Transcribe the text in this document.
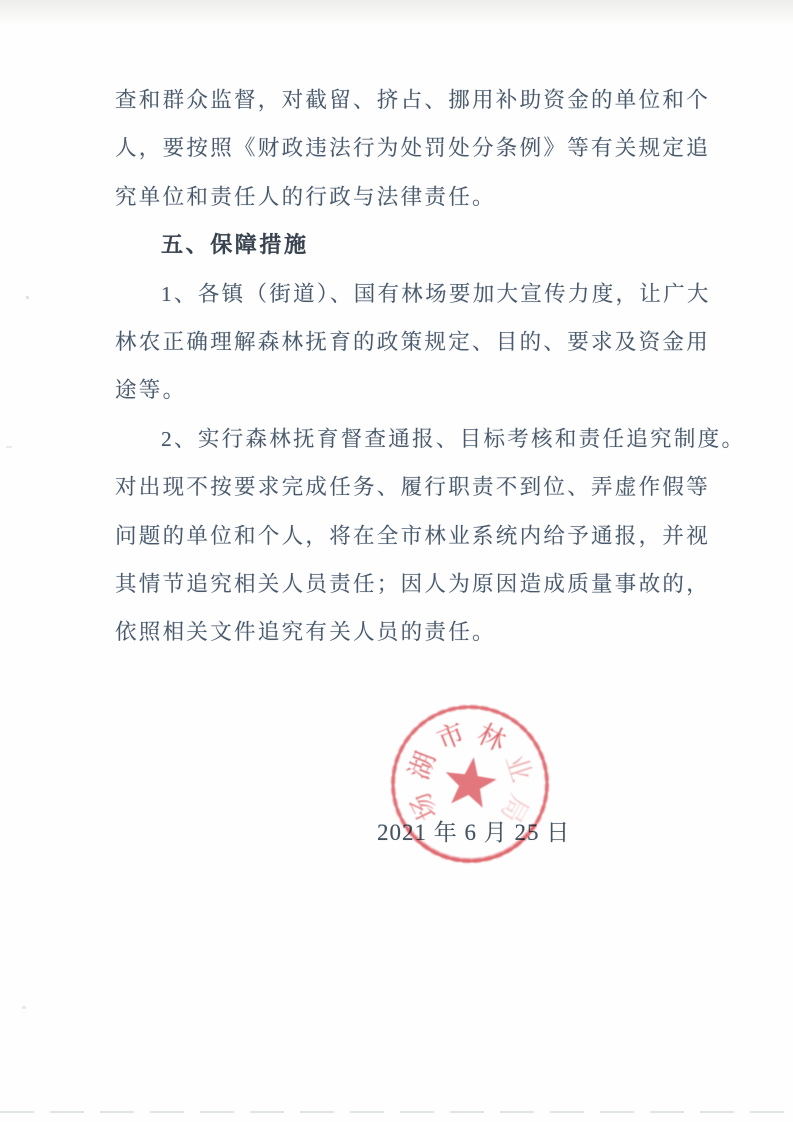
查和群众监督，对截留、挤占、挪用补助资金的单位和个
人，要按照《财政违法行为处罚处分条例》等有关规定追
究单位和责任人的行政与法律责任。
五、保障措施
1、各镇（街道）、国有林场要加大宣传力度，让广大
林农正确理解森林抚育的政策规定、目的、要求及资金用
途等。
2、实行森林抚育督查通报、目标考核和责任追究制度。
对出现不按要求完成任务、履行职责不到位、弄虚作假等
问题的单位和个人，将在全市林业系统内给予通报，并视
其情节追究相关人员责任；因人为原因造成质量事故的，
依照相关文件追究有关人员的责任。
2021 年 6 月 25 日
场
湖
市 林
业
局
